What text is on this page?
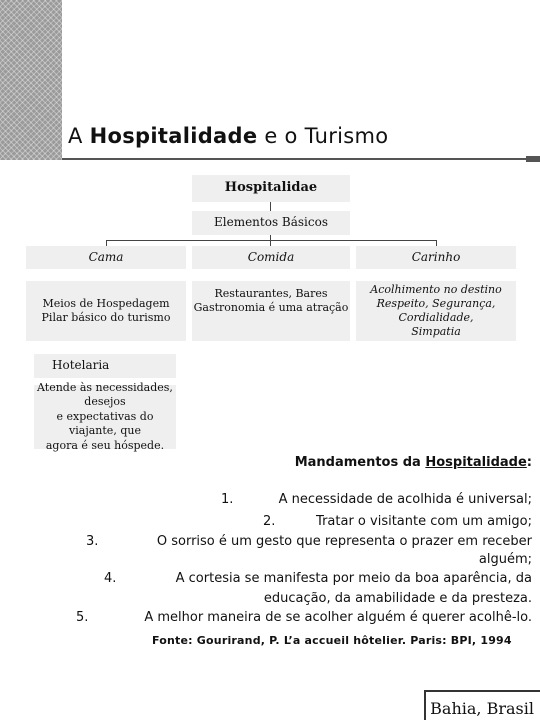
A Hospitalidade e o Turismo
Hospitalidae
Elementos Básicos
Cama	Comida	Carinho
Meios de Hospedagem
Pilar básico do turismo
Restaurantes, Bares
Gastronomia é uma atração
Acolhimento no destino
Respeito, Segurança, Cordialidade,
Simpatia
Hotelaria
Atende às necessidades, desejos
e expectativas do viajante, que
agora é seu hóspede.
Mandamentos da Hospitalidade:
1.	A necessidade de acolhida é universal;
2.	Tratar o visitante com um amigo;
3.	O sorriso é um gesto que representa o prazer em receber
alguém;
4.	A cortesia se manifesta por meio da boa aparência, da
educação, da amabilidade e da presteza.
5.	A melhor maneira de se acolher alguém é querer acolhê-lo.
Fonte: Gourirand, P. L’a accueil hôtelier. Paris: BPI, 1994
Bahia, Brasil
